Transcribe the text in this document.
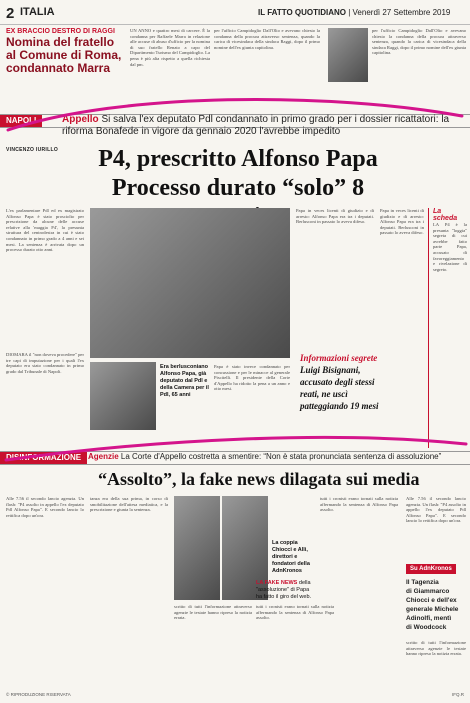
2 ITALIA	IL FATTO QUOTIDIANO | Venerdì 27 Settembre 2019
EX BRACCIO DESTRO DI RAGGI
Nomina del fratello al Comune di Roma, condannato Marra
UN ANNO e quattro mesi di carcere. È la condanna per Raffaele Marra in relazione alle accuse di abuso d'ufficio per la nomina di suo fratello Renato a capo del Dipartimento Turismo del Campidoglio. La pena è più alta rispetto a quella richiesta dal pm.
per l'ufficio Campidoglio Dall'Olio e avevano chiesto la condanna della procura attraverso sentenza, quando la carica di vicesindaca della sindaca Raggi, dopo il primo nomine dell'ex giunta capitolina.
per l'ufficio Campidoglio Dall'Olio e avevano chiesto la condanna della procura attraverso sentenza, quando la carica di vicesindaca della sindaca Raggi, dopo il primo nomine dell'ex giunta capitolina.
NAPOLI	Appello Si salva l'ex deputato Pdl condannato in primo grado per i dossier ricattatori: la riforma Bonafede in vigore da gennaio 2020 l'avrebbe impedito
VINCENZO IURILLO	P4, prescritto Alfonso Papa
Processo durato “solo” 8
L'ex parlamentare Pdl ed ex magistrato Alfonso Papa è stato prosciolto per prescrizione da alcune delle accuse relative alla 'maggia P4', la presunta struttura del centrodestra in cui è stato condannato in primo grado a 4 anni e sei mesi. La sentenza è arrivata dopo un processo durato otto anni.
DIOMARA il "non doveva procedere" per tre capi di imputazione per i quali l'ex deputato era stato condannato in primo grado dal Tribunale di Napoli.
Era berlusconiano Alfonso Papa, già deputato dal Pdl e della Camera per il Pdl, 65 anni
Papa è stato invece condannato per concussione e per le minacce al generale Piscitelli. Il presidente della Corte d'Appello ha ridotto la pena a un anno e otto mesi.
Papa in veces licenti di giudizio e di arresto: Alfonso Papa era tra i deputati. Berlusconi in passato lo aveva difeso.
Informazioni segrete
Luigi Bisignani,
accusato degli stessi
reati, ne uscì
patteggiando 19 mesi
Papa in veces licenti di giudizio e di arresto: Alfonso Papa era tra i deputati. Berlusconi in passato lo aveva difeso.
La scheda
LA P4 è la presunta "loggia" segreta di cui avrebbe fatto parte Papa, accusato di favoreggiamento e rivelazione di segreto.
DISINFORMAZIONE Agenzie La Corte d'Appello costretta a smentire: “Non è stata pronunciata sentenza di assoluzione”
“Assolto”, la fake news dilagata sui media
Alle 7.56 il secondo lancio agenzia. Un flash: "P4 assolto in appello l'ex deputato Pdl Alfonso Papa". E secondo lancio lo rettifica dopo un'ora.
tanza era della sua prima, in corso di smobilitazione dell'attesa mediatica, e la prescrizione e giunta la sentenza.
La coppia Chiocci e Alli, direttori e fondatori della AdnKronos
scritto di tutti l'informazione attraverso agenzie le testate hanno ripreso la notizia errata.
tutti i cronisti erano tornati sulla notizia affermando la sentenza di Alfonso Papa assolto.
tutti i cronisti erano tornati sulla notizia affermando la sentenza di Alfonso Papa assolto.
LA FAKE NEWS della "assoluzione" di Papa ha fatto il giro del web.
Su AdnKronos
Il Tagenzia
di Giammarco
Chiocci e dell'ex
generale Michele
Adinolfi, mentì
di Woodcock
Alle 7.56 il secondo lancio agenzia. Un flash: "P4 assolto in appello l'ex deputato Pdl Alfonso Papa". E secondo lancio lo rettifica dopo un'ora.
scritto di tutti l'informazione attraverso agenzie le testate hanno ripreso la notizia errata.
© RIPRODUZIONE RISERVATA	IFQ.R
